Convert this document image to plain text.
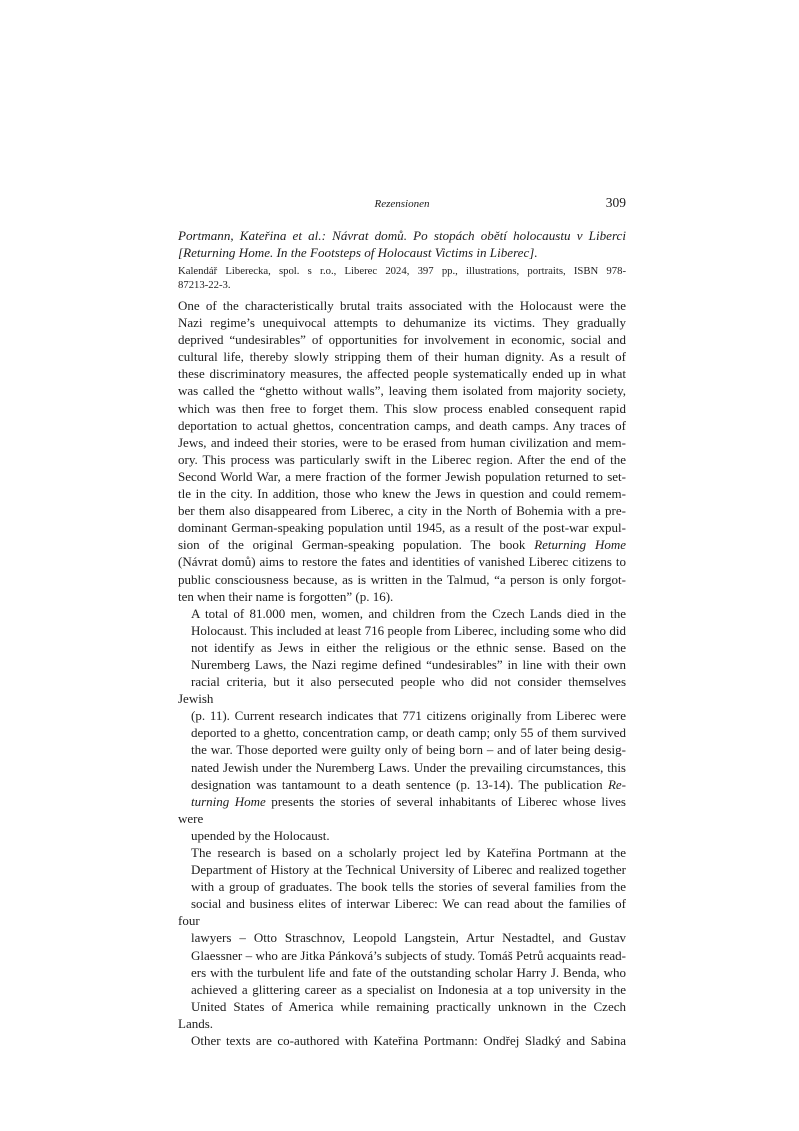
Rezensionen	309
Portmann, Kateřina et al.: Návrat domů. Po stopách obětí holocaustu v Liberci
[Returning Home. In the Footsteps of Holocaust Victims in Liberec].
Kalendář Liberecka, spol. s r.o., Liberec 2024, 397 pp., illustrations, portraits, ISBN 978-
87213-22-3.

One of the characteristically brutal traits associated with the Holocaust were the
Nazi regime’s unequivocal attempts to dehumanize its victims. They gradually
deprived “undesirables” of opportunities for involvement in economic, social and
cultural life, thereby slowly stripping them of their human dignity. As a result of
these discriminatory measures, the affected people systematically ended up in what
was called the “ghetto without walls”, leaving them isolated from majority society,
which was then free to forget them. This slow process enabled consequent rapid
deportation to actual ghettos, concentration camps, and death camps. Any traces of
Jews, and indeed their stories, were to be erased from human civilization and mem-
ory. This process was particularly swift in the Liberec region. After the end of the
Second World War, a mere fraction of the former Jewish population returned to set-
tle in the city. In addition, those who knew the Jews in question and could remem-
ber them also disappeared from Liberec, a city in the North of Bohemia with a pre-
dominant German-speaking population until 1945, as a result of the post-war expul-
sion of the original German-speaking population. The book Returning Home
(Návrat domů) aims to restore the fates and identities of vanished Liberec citizens to
public consciousness because, as is written in the Talmud, “a person is only forgot-
ten when their name is forgotten” (p. 16).

A total of 81.000 men, women, and children from the Czech Lands died in the
Holocaust. This included at least 716 people from Liberec, including some who did
not identify as Jews in either the religious or the ethnic sense. Based on the
Nuremberg Laws, the Nazi regime defined “undesirables” in line with their own
racial criteria, but it also persecuted people who did not consider themselves Jewish
(p. 11). Current research indicates that 771 citizens originally from Liberec were
deported to a ghetto, concentration camp, or death camp; only 55 of them survived
the war. Those deported were guilty only of being born – and of later being desig-
nated Jewish under the Nuremberg Laws. Under the prevailing circumstances, this
designation was tantamount to a death sentence (p. 13-14). The publication Re-
turning Home presents the stories of several inhabitants of Liberec whose lives were
upended by the Holocaust.

The research is based on a scholarly project led by Kateřina Portmann at the
Department of History at the Technical University of Liberec and realized together
with a group of graduates. The book tells the stories of several families from the
social and business elites of interwar Liberec: We can read about the families of four
lawyers – Otto Straschnov, Leopold Langstein, Artur Nestadtel, and Gustav
Glaessner – who are Jitka Pánková’s subjects of study. Tomáš Petrů acquaints read-
ers with the turbulent life and fate of the outstanding scholar Harry J. Benda, who
achieved a glittering career as a specialist on Indonesia at a top university in the
United States of America while remaining practically unknown in the Czech Lands.
Other texts are co-authored with Kateřina Portmann: Ondřej Sladký and Sabina
